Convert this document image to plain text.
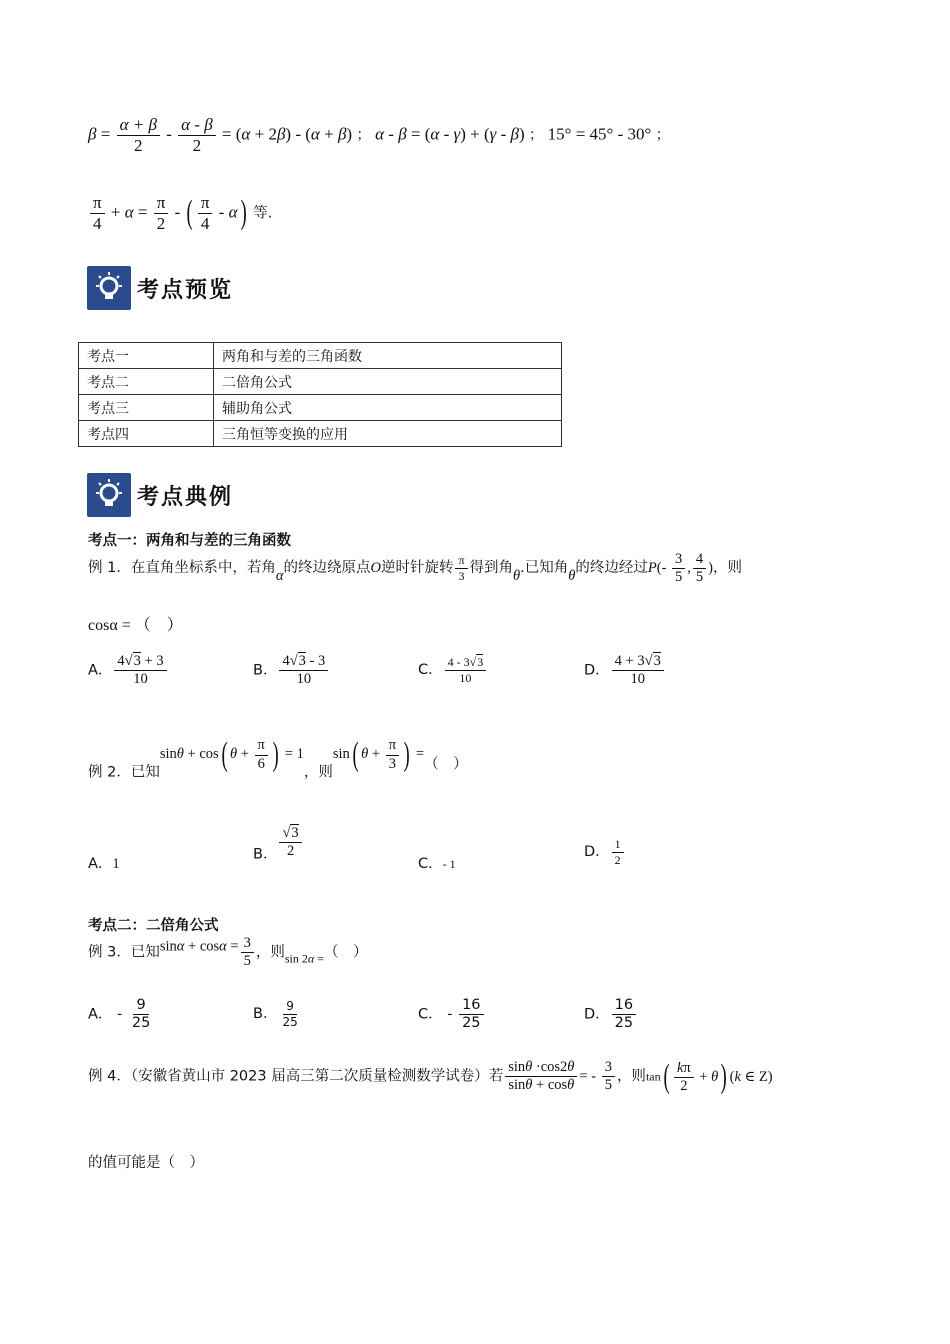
$\beta = \frac{\alpha + \beta}{2} - \frac{\alpha - \beta}{2} = (\alpha + 2\beta) - (\alpha + \beta)$ ； α - β = (α - γ) + (γ - β) ； 15° = 45° - 30° ；
$\frac{\pi}{4} + \alpha = \frac{\pi}{2}$ - ( $\frac{\pi}{4} - \alpha$) 等.
考点预览
考点一	两角和与差的三角函数
考点二	二倍角公式
考点三	辅助角公式
考点四	三角恒等变换的应用
考点典例
考点一：两角和与差的三角函数
例 1．在直角坐标系中，若角α的终边绕原点O逆时针旋转 $\frac{\pi}{3}$ 得到角θ.已知角θ的终边经过$P(- \frac{3}{5}$ , $\frac{4}{5}$ )，则
cosα = （　）
A． $\frac{4√3 + 3}{10}$	B． $\frac{4√3 - 3}{10}$	C． $\frac{4 - 3√3}{10}$	D． $\frac{4 + 3√3}{10}$
例 2．已知sinθ + cos( $\theta + \frac{\pi}{6}$ ) = 1，则sin( $\theta + \frac{\pi}{3}$ ) =（　）
A．1
B． $\frac{√3}{2}$
C．- 1
D． $\frac{1}{2}$
考点二：二倍角公式
例 3．已知$\sin\alpha + \cos\alpha = \frac{3}{5}$ ，则$_{sin 2\alpha =}$（　）
A． - $\frac{9}{25}$	B． $\frac{9}{25}$	C． - $\frac{16}{25}$	D． $\frac{16}{25}$
例 4．（安徽省黄山市 2023 届高三第二次质量检测数学试卷）若 $\frac{\sin\theta \cdot\cos 2\theta}{\sin\theta + \cos\theta}$ = - $\frac{3}{5}$ ，则$\tan( \frac{k\pi}{2} + \theta)$ (k ∈ Z)
的值可能是（　）
